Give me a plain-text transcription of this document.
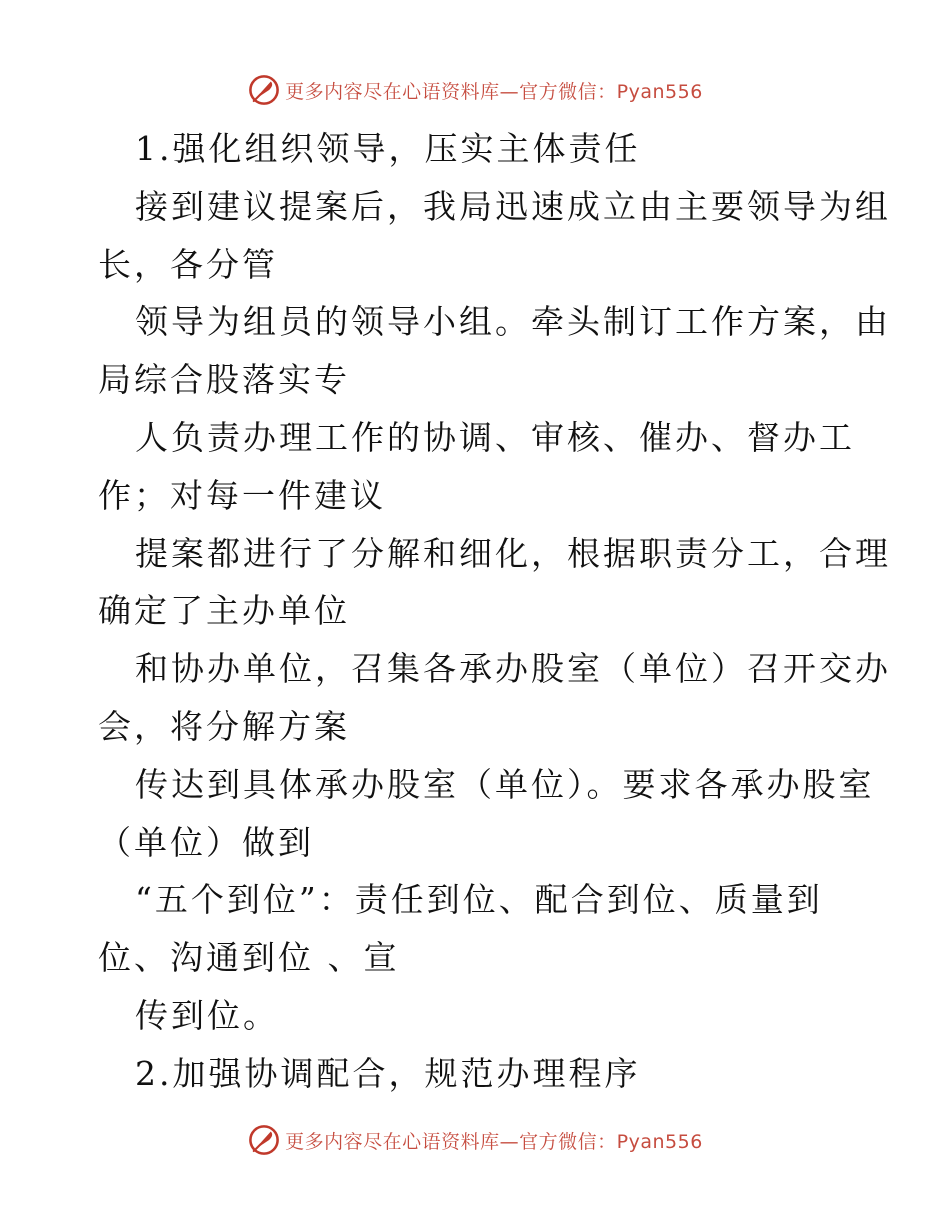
更多内容尽在心语资料库—官方微信：Pyan556
1.强化组织领导，压实主体责任
接到建议提案后，我局迅速成立由主要领导为组
长，各分管
领导为组员的领导小组。牵头制订工作方案，由
局综合股落实专
人负责办理工作的协调、审核、催办、督办工
作；对每一件建议
提案都进行了分解和细化，根据职责分工，合理
确定了主办单位
和协办单位，召集各承办股室（单位）召开交办
会，将分解方案
传达到具体承办股室（单位）。要求各承办股室
（单位）做到
“五个到位”：责任到位、配合到位、质量到
位、沟通到位 、宣
传到位。
2.加强协调配合，规范办理程序
更多内容尽在心语资料库—官方微信：Pyan556
